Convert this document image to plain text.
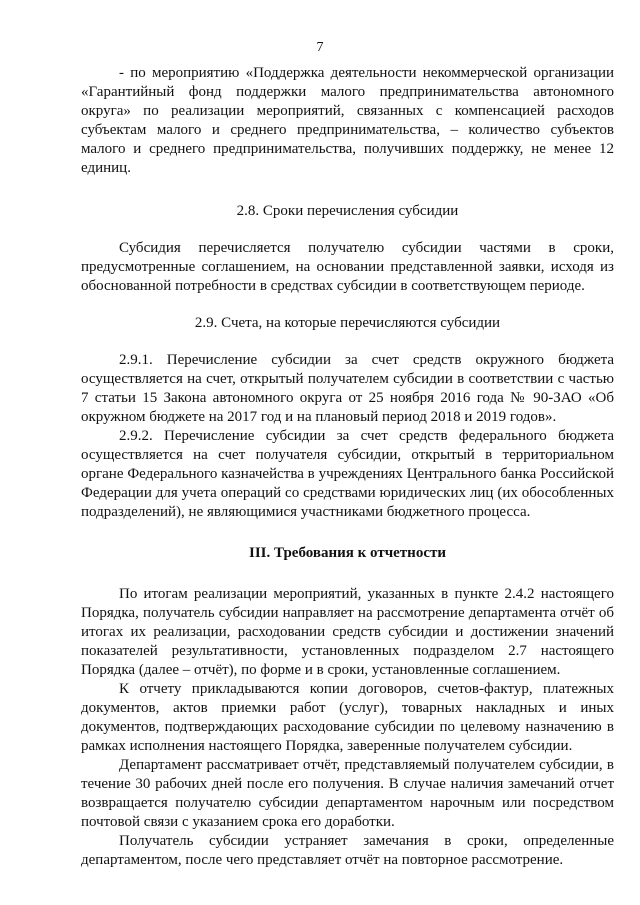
7

- по мероприятию «Поддержка деятельности некоммерческой организации «Гарантийный фонд поддержки малого предпринимательства автономного округа» по реализации мероприятий, связанных с компенсацией расходов субъектам малого и среднего предпринимательства, – количество субъектов малого и среднего предпринимательства, получивших поддержку, не менее 12 единиц.

2.8. Сроки перечисления субсидии

Субсидия перечисляется получателю субсидии частями в сроки, предусмотренные соглашением, на основании представленной заявки, исходя из обоснованной потребности в средствах субсидии в соответствующем периоде.

2.9. Счета, на которые перечисляются субсидии

2.9.1. Перечисление субсидии за счет средств окружного бюджета осуществляется на счет, открытый получателем субсидии в соответствии с частью 7 статьи 15 Закона автономного округа от 25 ноября 2016 года № 90-ЗАО «Об окружном бюджете на 2017 год и на плановый период 2018 и 2019 годов».

2.9.2. Перечисление субсидии за счет средств федерального бюджета осуществляется на счет получателя субсидии, открытый в территориальном органе Федерального казначейства в учреждениях Центрального банка Российской Федерации для учета операций со средствами юридических лиц (их обособленных подразделений), не являющимися участниками бюджетного процесса.

III. Требования к отчетности

По итогам реализации мероприятий, указанных в пункте 2.4.2 настоящего Порядка, получатель субсидии направляет на рассмотрение департамента отчёт об итогах их реализации, расходовании средств субсидии и достижении значений показателей результативности, установленных подразделом 2.7 настоящего Порядка (далее – отчёт), по форме и в сроки, установленные соглашением.

К отчету прикладываются копии договоров, счетов-фактур, платежных документов, актов приемки работ (услуг), товарных накладных и иных документов, подтверждающих расходование субсидии по целевому назначению в рамках исполнения настоящего Порядка, заверенные получателем субсидии.

Департамент рассматривает отчёт, представляемый получателем субсидии, в течение 30 рабочих дней после его получения. В случае наличия замечаний отчет возвращается получателю субсидии департаментом нарочным или посредством почтовой связи с указанием срока его доработки.

Получатель субсидии устраняет замечания в сроки, определенные департаментом, после чего представляет отчёт на повторное рассмотрение.
